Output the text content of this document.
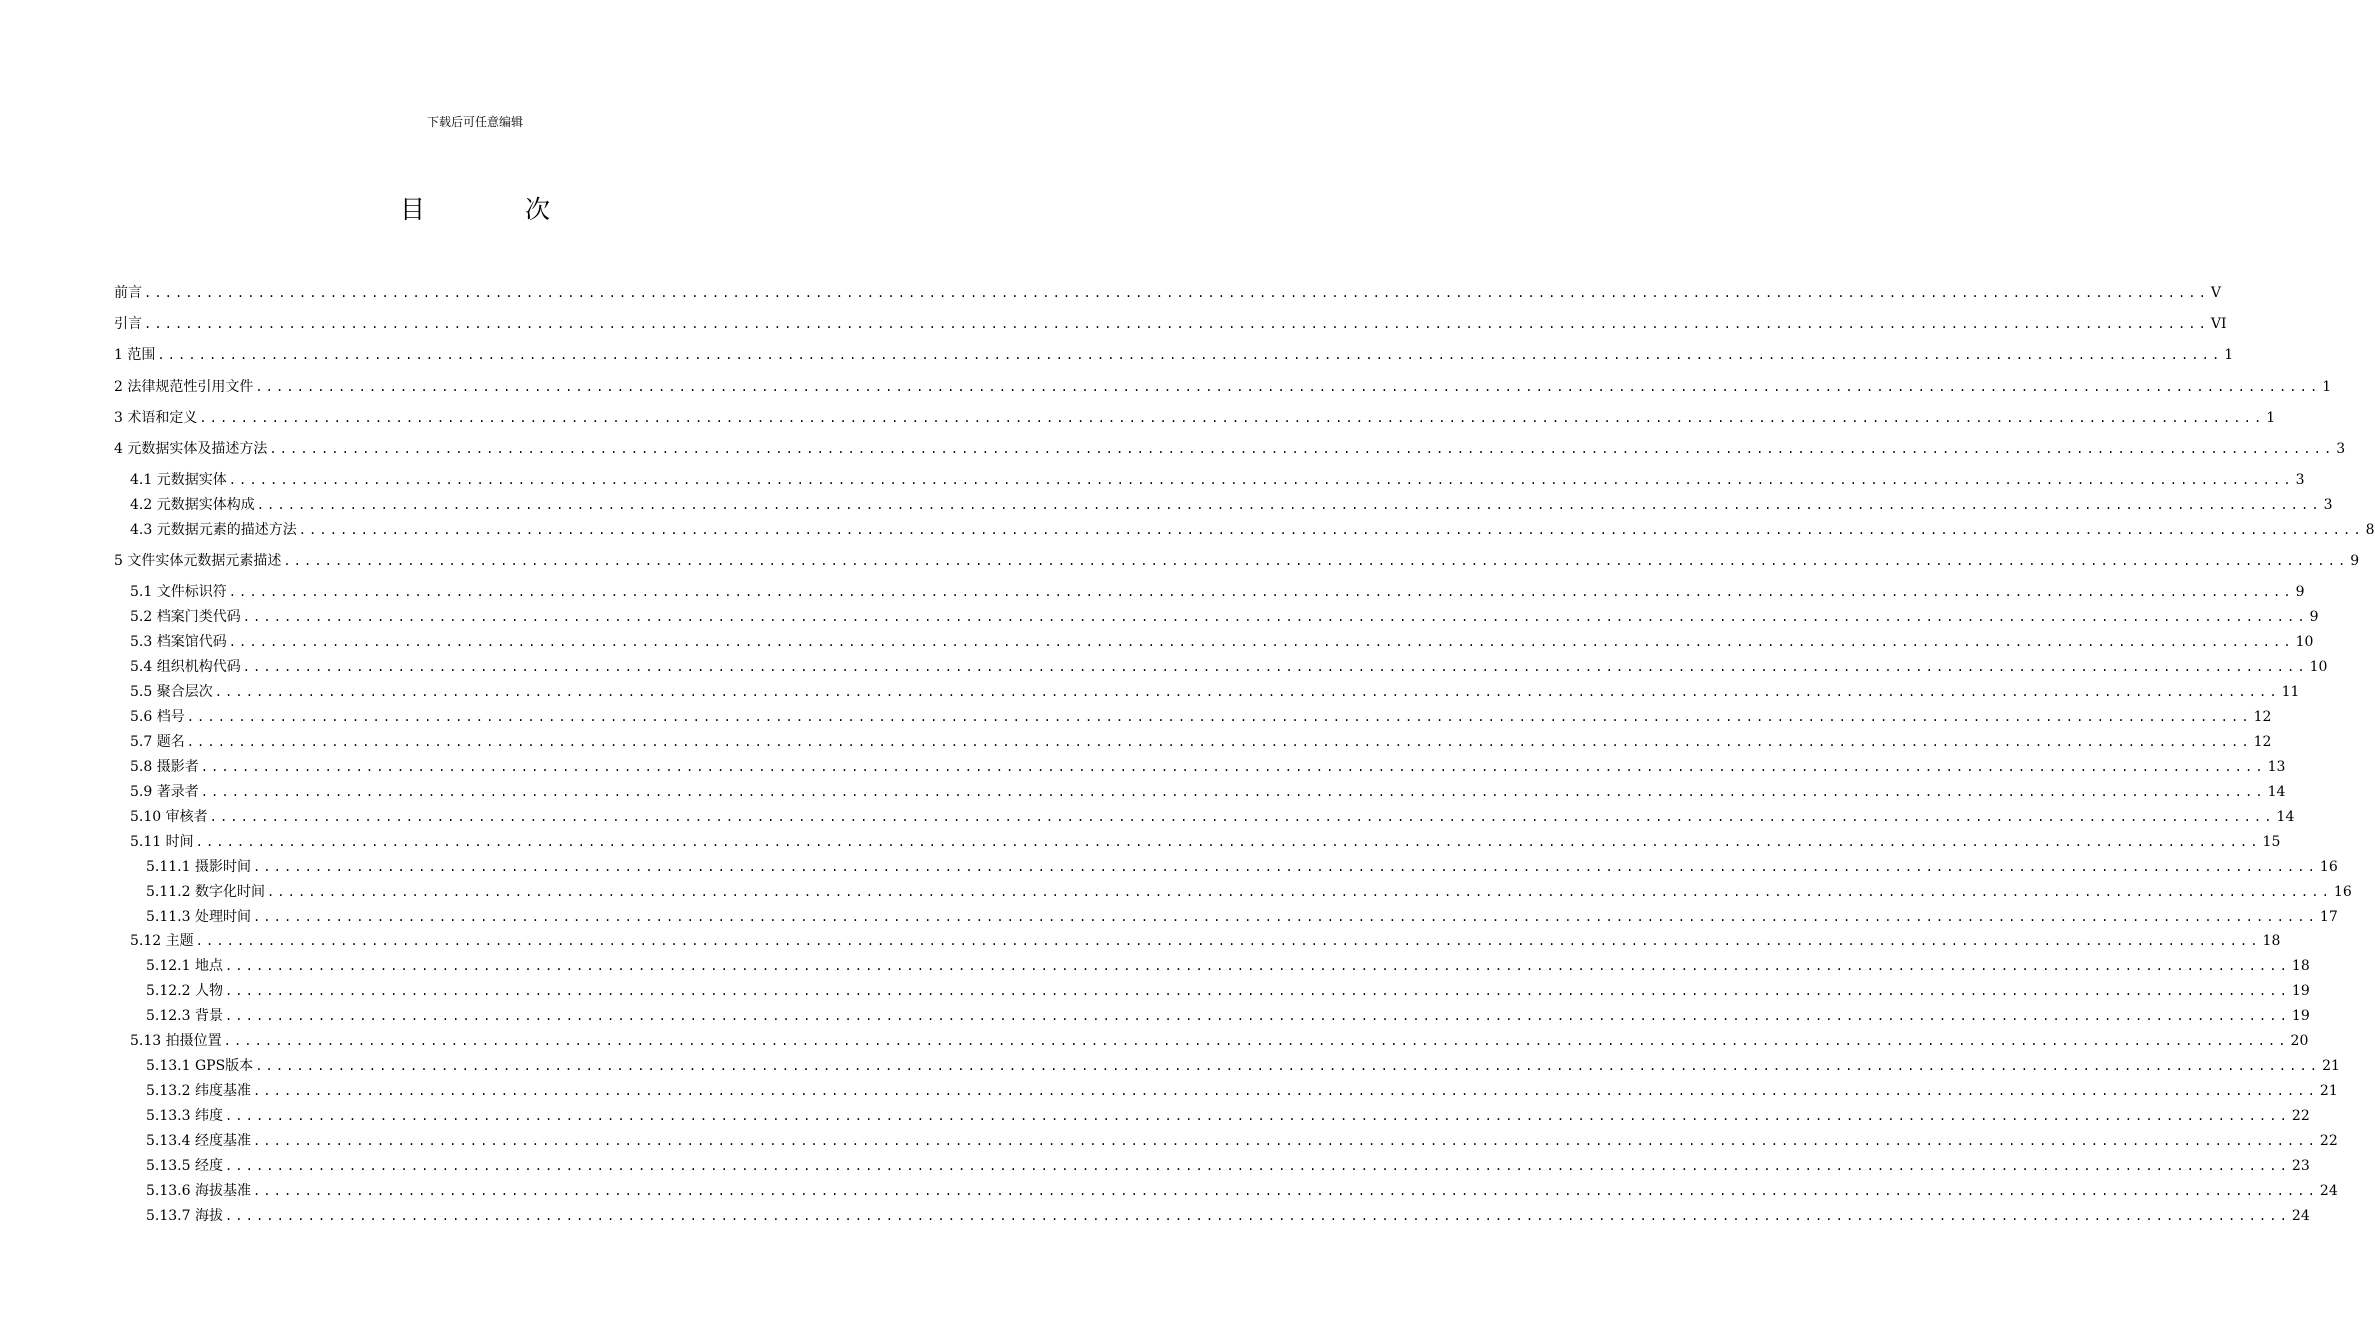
下载后可任意编辑
目	次
前言 ........................................................................................................................................................................................................ V
引言 ........................................................................................................................................................................................................ VI
1 范围 ........................................................................................................................................................................................................ 1
2 法律规范性引用文件 ........................................................................................................................................................................................................ 1
3 术语和定义 ........................................................................................................................................................................................................ 1
4 元数据实体及描述方法 ........................................................................................................................................................................................................ 3
4.1 元数据实体 ........................................................................................................................................................................................................ 3
4.2 元数据实体构成 ........................................................................................................................................................................................................ 3
4.3 元数据元素的描述方法 ........................................................................................................................................................................................................ 8
5 文件实体元数据元素描述 ........................................................................................................................................................................................................ 9
5.1 文件标识符 ........................................................................................................................................................................................................ 9
5.2 档案门类代码 ........................................................................................................................................................................................................ 9
5.3 档案馆代码 ........................................................................................................................................................................................................ 10
5.4 组织机构代码 ........................................................................................................................................................................................................ 10
5.5 聚合层次 ........................................................................................................................................................................................................ 11
5.6 档号 ........................................................................................................................................................................................................ 12
5.7 题名 ........................................................................................................................................................................................................ 12
5.8 摄影者 ........................................................................................................................................................................................................ 13
5.9 著录者 ........................................................................................................................................................................................................ 14
5.10 审核者 ........................................................................................................................................................................................................ 14
5.11 时间 ........................................................................................................................................................................................................ 15
5.11.1 摄影时间 ........................................................................................................................................................................................................ 16
5.11.2 数字化时间 ........................................................................................................................................................................................................ 16
5.11.3 处理时间 ........................................................................................................................................................................................................ 17
5.12 主题 ........................................................................................................................................................................................................ 18
5.12.1 地点 ........................................................................................................................................................................................................ 18
5.12.2 人物 ........................................................................................................................................................................................................ 19
5.12.3 背景 ........................................................................................................................................................................................................ 19
5.13 拍摄位置 ........................................................................................................................................................................................................ 20
5.13.1 GPS版本 ........................................................................................................................................................................................................ 21
5.13.2 纬度基准 ........................................................................................................................................................................................................ 21
5.13.3 纬度 ........................................................................................................................................................................................................ 22
5.13.4 经度基准 ........................................................................................................................................................................................................ 22
5.13.5 经度 ........................................................................................................................................................................................................ 23
5.13.6 海拔基准 ........................................................................................................................................................................................................ 24
5.13.7 海拔 ........................................................................................................................................................................................................ 24
